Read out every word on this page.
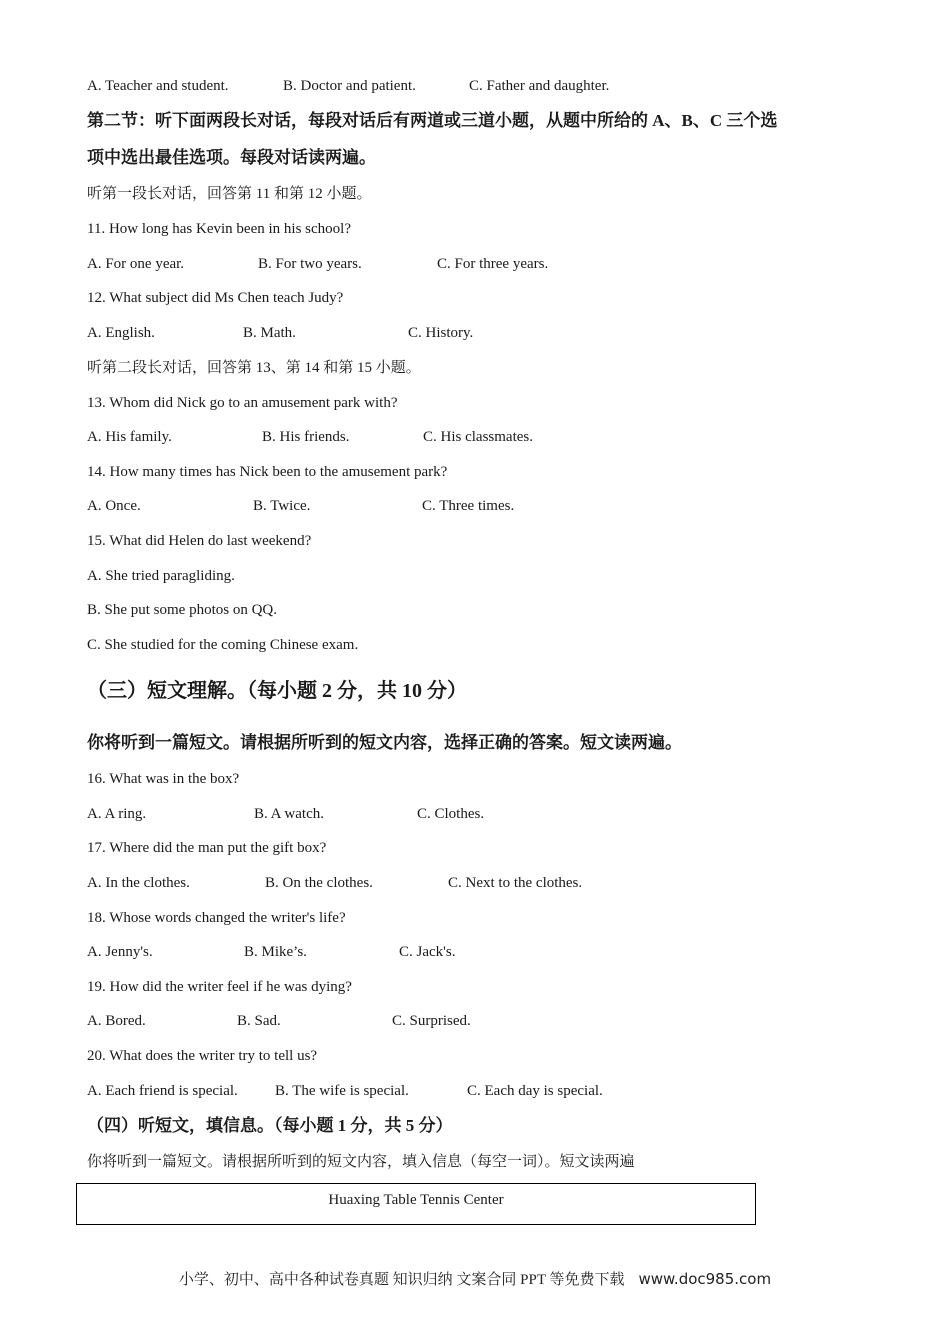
A. Teacher and student.	B. Doctor and patient.	C. Father and daughter.
第二节：听下面两段长对话，每段对话后有两道或三道小题，从题中所给的 A、B、C 三个选
项中选出最佳选项。每段对话读两遍。
听第一段长对话，回答第 11 和第 12 小题。
11. How long has Kevin been in his school?
A. For one year.	B. For two years.	C. For three years.
12. What subject did Ms Chen teach Judy?
A. English.	B. Math.	C. History.
听第二段长对话，回答第 13、第 14 和第 15 小题。
13. Whom did Nick go to an amusement park with?
A. His family.	B. His friends.	C. His classmates.
14. How many times has Nick been to the amusement park?
A. Once.	B. Twice.	C. Three times.
15. What did Helen do last weekend?
A. She tried paragliding.
B. She put some photos on QQ.
C. She studied for the coming Chinese exam.
（三）短文理解。（每小题 2 分，共 10 分）
你将听到一篇短文。请根据所听到的短文内容，选择正确的答案。短文读两遍。
16. What was in the box?
A. A ring.	B. A watch.	C. Clothes.
17. Where did the man put the gift box?
A. In the clothes.	B. On the clothes.	C. Next to the clothes.
18. Whose words changed the writer's life?
A. Jenny's.	B. Mike’s.	C. Jack's.
19. How did the writer feel if he was dying?
A. Bored.	B. Sad.	C. Surprised.
20. What does the writer try to tell us?
A. Each friend is special. B. The wife is special.	C. Each day is special.
（四）听短文，填信息。（每小题 1 分，共 5 分）
你将听到一篇短文。请根据所听到的短文内容，填入信息（每空一词）。短文读两遍
Huaxing Table Tennis Center
小学、初中、高中各种试卷真题 知识归纳 文案合同 PPT 等免费下载 www.doc985.com
